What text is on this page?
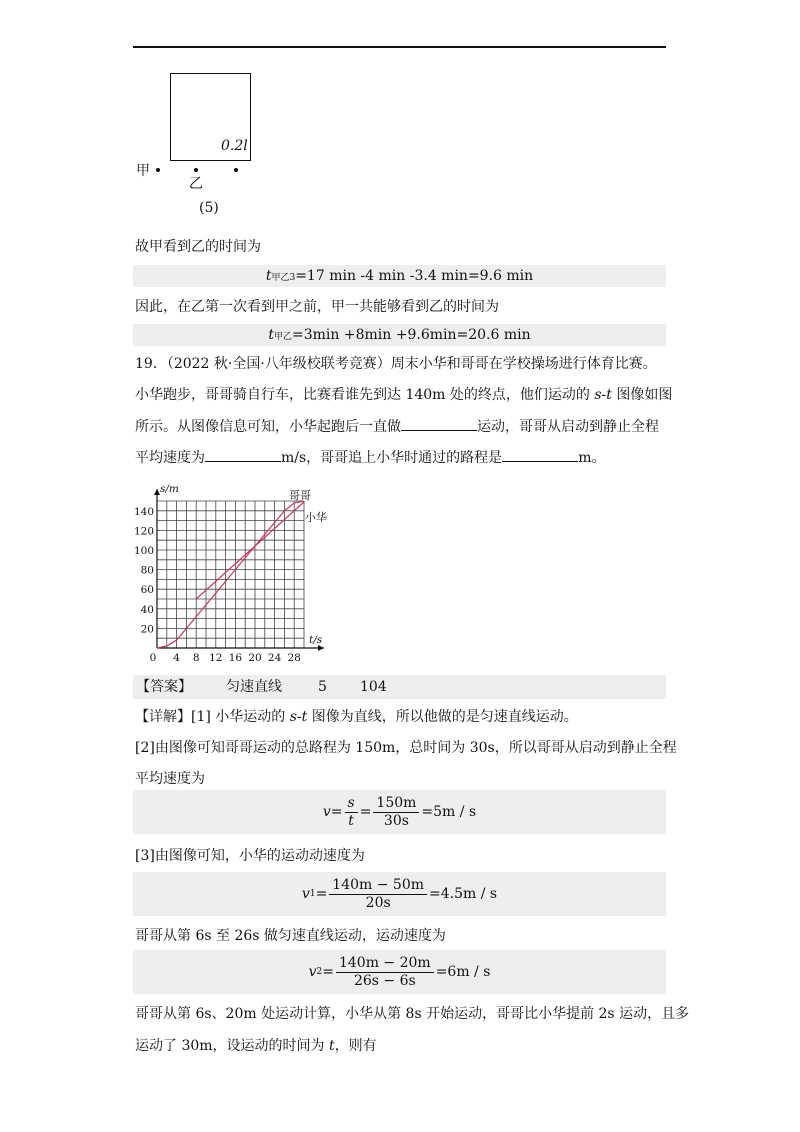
0.2l
甲
乙
(5)
故甲看到乙的时间为
t 甲乙3 =17 min -4 min -3.4 min=9.6 min
因此，在乙第一次看到甲之前，甲一共能够看到乙的时间为
t 甲乙 =3min +8min +9.6min=20.6 min
19．（2022 秋·全国·八年级校联考竞赛）周末小华和哥哥在学校操场进行体育比赛。
小华跑步，哥哥骑自行车，比赛看谁先到达 140m 处的终点，他们运动的 s-t 图像如图
所示。从图像信息可知，小华起跑后一直做	运动，哥哥从启动到静止全程
平均速度为	m/s，哥哥追上小华时通过的路程是	m。
0 4 8 12 16 20 24 28
20
40
60
80
100
120
140
s/m
t/s
哥哥
小华
【答案】 匀速直线	5 104
【详解】[1] 小华运动的 s-t 图像为直线，所以他做的是匀速直线运动。
[2]由图像可知哥哥运动的总路程为 150m，总时间为 30s，所以哥哥从启动到静止全程
平均速度为
$v = \frac{s}{t} = \frac{150m}{30s} =5m / s$
[3]由图像可知，小华的运动动速度为
v $1 = \frac{140m - 50m}{20s} =4.5m / s$
哥哥从第 6s 至 26s 做匀速直线运动，运动速度为
v $2 = \frac{140m - 20m}{26s - 6s} =6m / s$
哥哥从第 6s、20m 处运动计算，小华从第 8s 开始运动，哥哥比小华提前 2s 运动，且多
运动了 30m，设运动的时间为 t，则有
